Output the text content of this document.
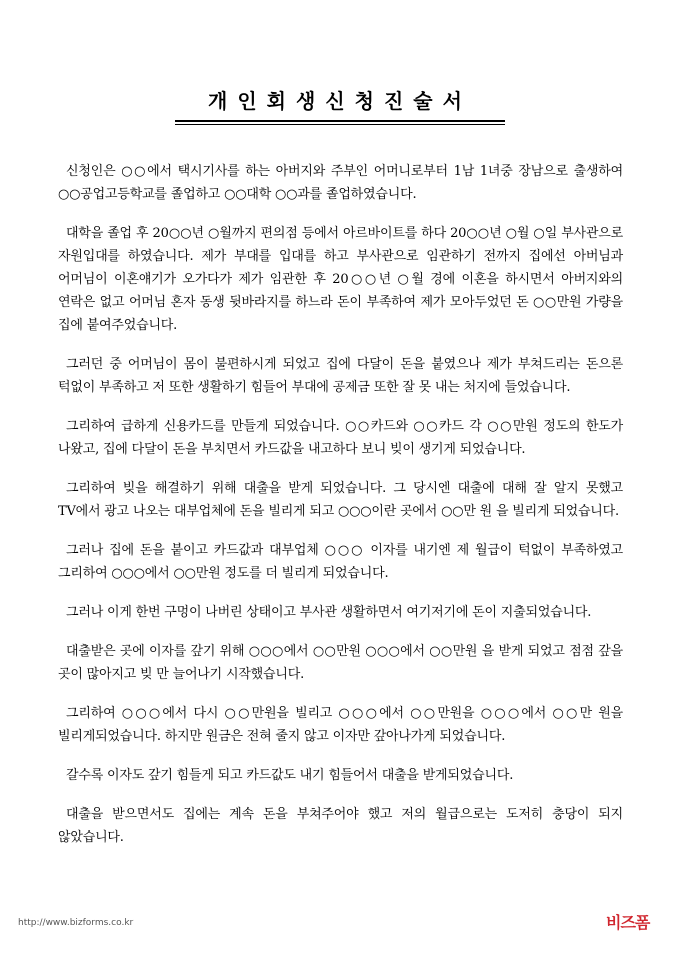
개인회생신청진술서

신청인은 ○○에서 택시기사를 하는 아버지와 주부인 어머니로부터 1남 1녀중 장남으로 출생하여 ○○공업고등학교를 졸업하고 ○○대학 ○○과를 졸업하였습니다.

대학을 졸업 후 20○○년 ○월까지 편의점 등에서 아르바이트를 하다 20○○년 ○월 ○일 부사관으로 자원입대를 하였습니다. 제가 부대를 입대를 하고 부사관으로 임관하기 전까지 집에선 아버님과 어머님이 이혼얘기가 오가다가 제가 임관한 후 20○○년 ○월 경에 이혼을 하시면서 아버지와의 연락은 없고 어머님 혼자 동생 뒷바라지를 하느라 돈이 부족하여 제가 모아두었던 돈 ○○만원 가량을 집에 붙여주었습니다.

그러던 중 어머님이 몸이 불편하시게 되었고 집에 다달이 돈을 붙였으나 제가 부쳐드리는 돈으론 턱없이 부족하고 저 또한 생활하기 힘들어 부대에 공제금 또한 잘 못 내는 처지에 들었습니다.

그리하여 급하게 신용카드를 만들게 되었습니다. ○○카드와 ○○카드 각 ○○만원 정도의 한도가 나왔고, 집에 다달이 돈을 부치면서 카드값을 내고하다 보니 빚이 생기게 되었습니다.

그리하여 빚을 해결하기 위해 대출을 받게 되었습니다. 그 당시엔 대출에 대해 잘 알지 못했고 TV에서 광고 나오는 대부업체에 돈을 빌리게 되고 ○○○이란 곳에서 ○○만 원 을 빌리게 되었습니다.

그러나 집에 돈을 붙이고 카드값과 대부업체 ○○○ 이자를 내기엔 제 월급이 턱없이 부족하였고 그리하여 ○○○에서 ○○만원 정도를 더 빌리게 되었습니다.

그러나 이게 한번 구멍이 나버린 상태이고 부사관 생활하면서 여기저기에 돈이 지출되었습니다.

대출받은 곳에 이자를 갚기 위해 ○○○에서 ○○만원 ○○○에서 ○○만원 을 받게 되었고 점점 갚을 곳이 많아지고 빚 만 늘어나기 시작했습니다.

그리하여 ○○○에서 다시 ○○만원을 빌리고 ○○○에서 ○○만원을 ○○○에서 ○○만 원을 빌리게되었습니다. 하지만 원금은 전혀 줄지 않고 이자만 갚아나가게 되었습니다.

갈수록 이자도 갚기 힘들게 되고 카드값도 내기 힘들어서 대출을 받게되었습니다.

대출을 받으면서도 집에는 계속 돈을 부쳐주어야 했고 저의 월급으로는 도저히 충당이 되지 않았습니다.

http://www.bizforms.co.kr	비즈폼
